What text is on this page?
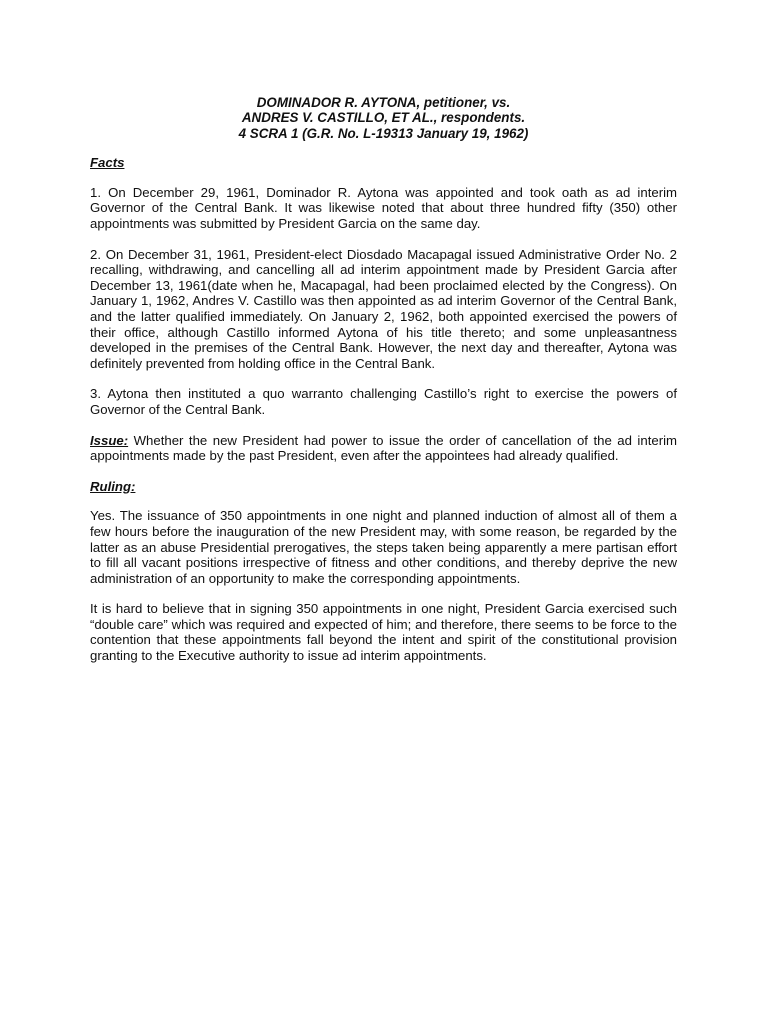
DOMINADOR R. AYTONA, petitioner, vs.
ANDRES V. CASTILLO, ET AL., respondents.
4 SCRA 1 (G.R. No. L-19313 January 19, 1962)
Facts

1. On December 29, 1961, Dominador R. Aytona was appointed and took oath as ad interim Governor of the Central Bank. It was likewise noted that about three hundred fifty (350) other appointments was submitted by President Garcia on the same day.

2. On December 31, 1961, President-elect Diosdado Macapagal issued Administrative Order No. 2 recalling, withdrawing, and cancelling all ad interim appointment made by President Garcia after December 13, 1961(date when he, Macapagal, had been proclaimed elected by the Congress). On January 1, 1962, Andres V. Castillo was then appointed as ad interim Governor of the Central Bank, and the latter qualified immediately. On January 2, 1962, both appointed exercised the powers of their office, although Castillo informed Aytona of his title thereto; and some unpleasantness developed in the premises of the Central Bank. However, the next day and thereafter, Aytona was definitely prevented from holding office in the Central Bank.

3. Aytona then instituted a quo warranto challenging Castillo’s right to exercise the powers of Governor of the Central Bank.

Issue: Whether the new President had power to issue the order of cancellation of the ad interim appointments made by the past President, even after the appointees had already qualified.

Ruling:

Yes. The issuance of 350 appointments in one night and planned induction of almost all of them a few hours before the inauguration of the new President may, with some reason, be regarded by the latter as an abuse Presidential prerogatives, the steps taken being apparently a mere partisan effort to fill all vacant positions irrespective of fitness and other conditions, and thereby deprive the new administration of an opportunity to make the corresponding appointments.

It is hard to believe that in signing 350 appointments in one night, President Garcia exercised such “double care” which was required and expected of him; and therefore, there seems to be force to the contention that these appointments fall beyond the intent and spirit of the constitutional provision granting to the Executive authority to issue ad interim appointments.
